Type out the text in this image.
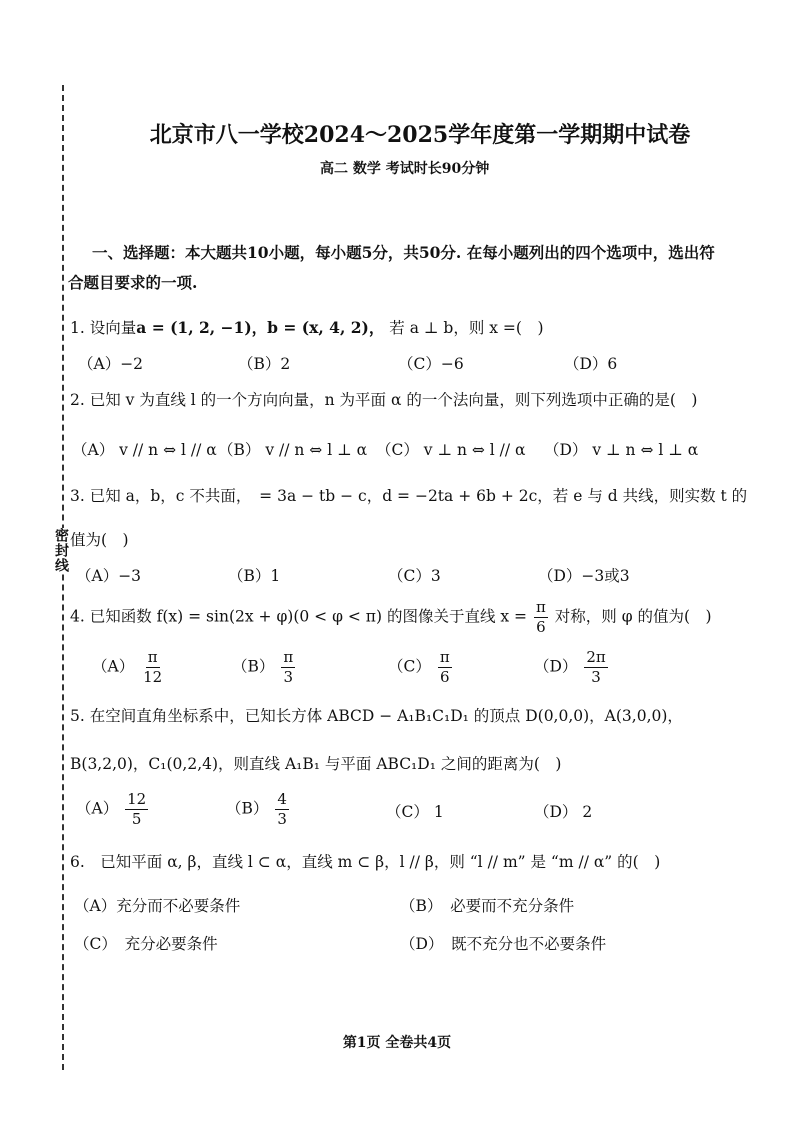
密封线
北京市八一学校2024～2025学年度第一学期期中试卷
高二 数学 考试时长90分钟
一、选择题：本大题共10小题，每小题5分，共50分. 在每小题列出的四个选项中，选出符合题目要求的一项.
1. 设向量a = (1, 2, −1)，b = (x, 4, 2)， 若 a ⊥ b，则 x =(　)
（A）−2	（B）2	（C）−6	（D）6
2. 已知 v 为直线 l 的一个方向向量，n 为平面 α 的一个法向量，则下列选项中正确的是(　)
（A） v // n ⇔ l // α （B） v // n ⇔ l ⊥ α （C） v ⊥ n ⇔ l // α （D） v ⊥ n ⇔ l ⊥ α
3. 已知 a，b，c 不共面，　= 3a − tb − c，d = −2ta + 6b + 2c，若 e 与 d 共线，则实数 t 的
值为(　)
（A）−3	（B）1	（C）3	（D）−3或3
4. 已知函数 f(x) = sin(2x + φ)(0 < φ < π) 的图像关于直线 $x = \frac{\pi}{6}$ 对称，则 φ 的值为(　)
$(A) \frac{\pi}{12}$	$(B) \frac{\pi}{3}$	$(C) \frac{\pi}{6}$	$(D) \frac{2\pi}{3}$
5. 在空间直角坐标系中，已知长方体 ABCD − A₁B₁C₁D₁ 的顶点 D(0,0,0)，A(3,0,0)，
B(3,2,0)，C₁(0,2,4)，则直线 A₁B₁ 与平面 ABC₁D₁ 之间的距离为(　)
$(A) \frac{12}{5}$	$(B) \frac{4}{3}$	（C） 1	（D） 2
6.　已知平面 α, β，直线 l ⊂ α，直线 m ⊂ β，l // β，则 “l // m” 是 “m // α” 的(　)
（A）充分而不必要条件	（B）　必要而不充分条件
（C）　充分必要条件	（D）　既不充分也不必要条件
第1页 全卷共4页
